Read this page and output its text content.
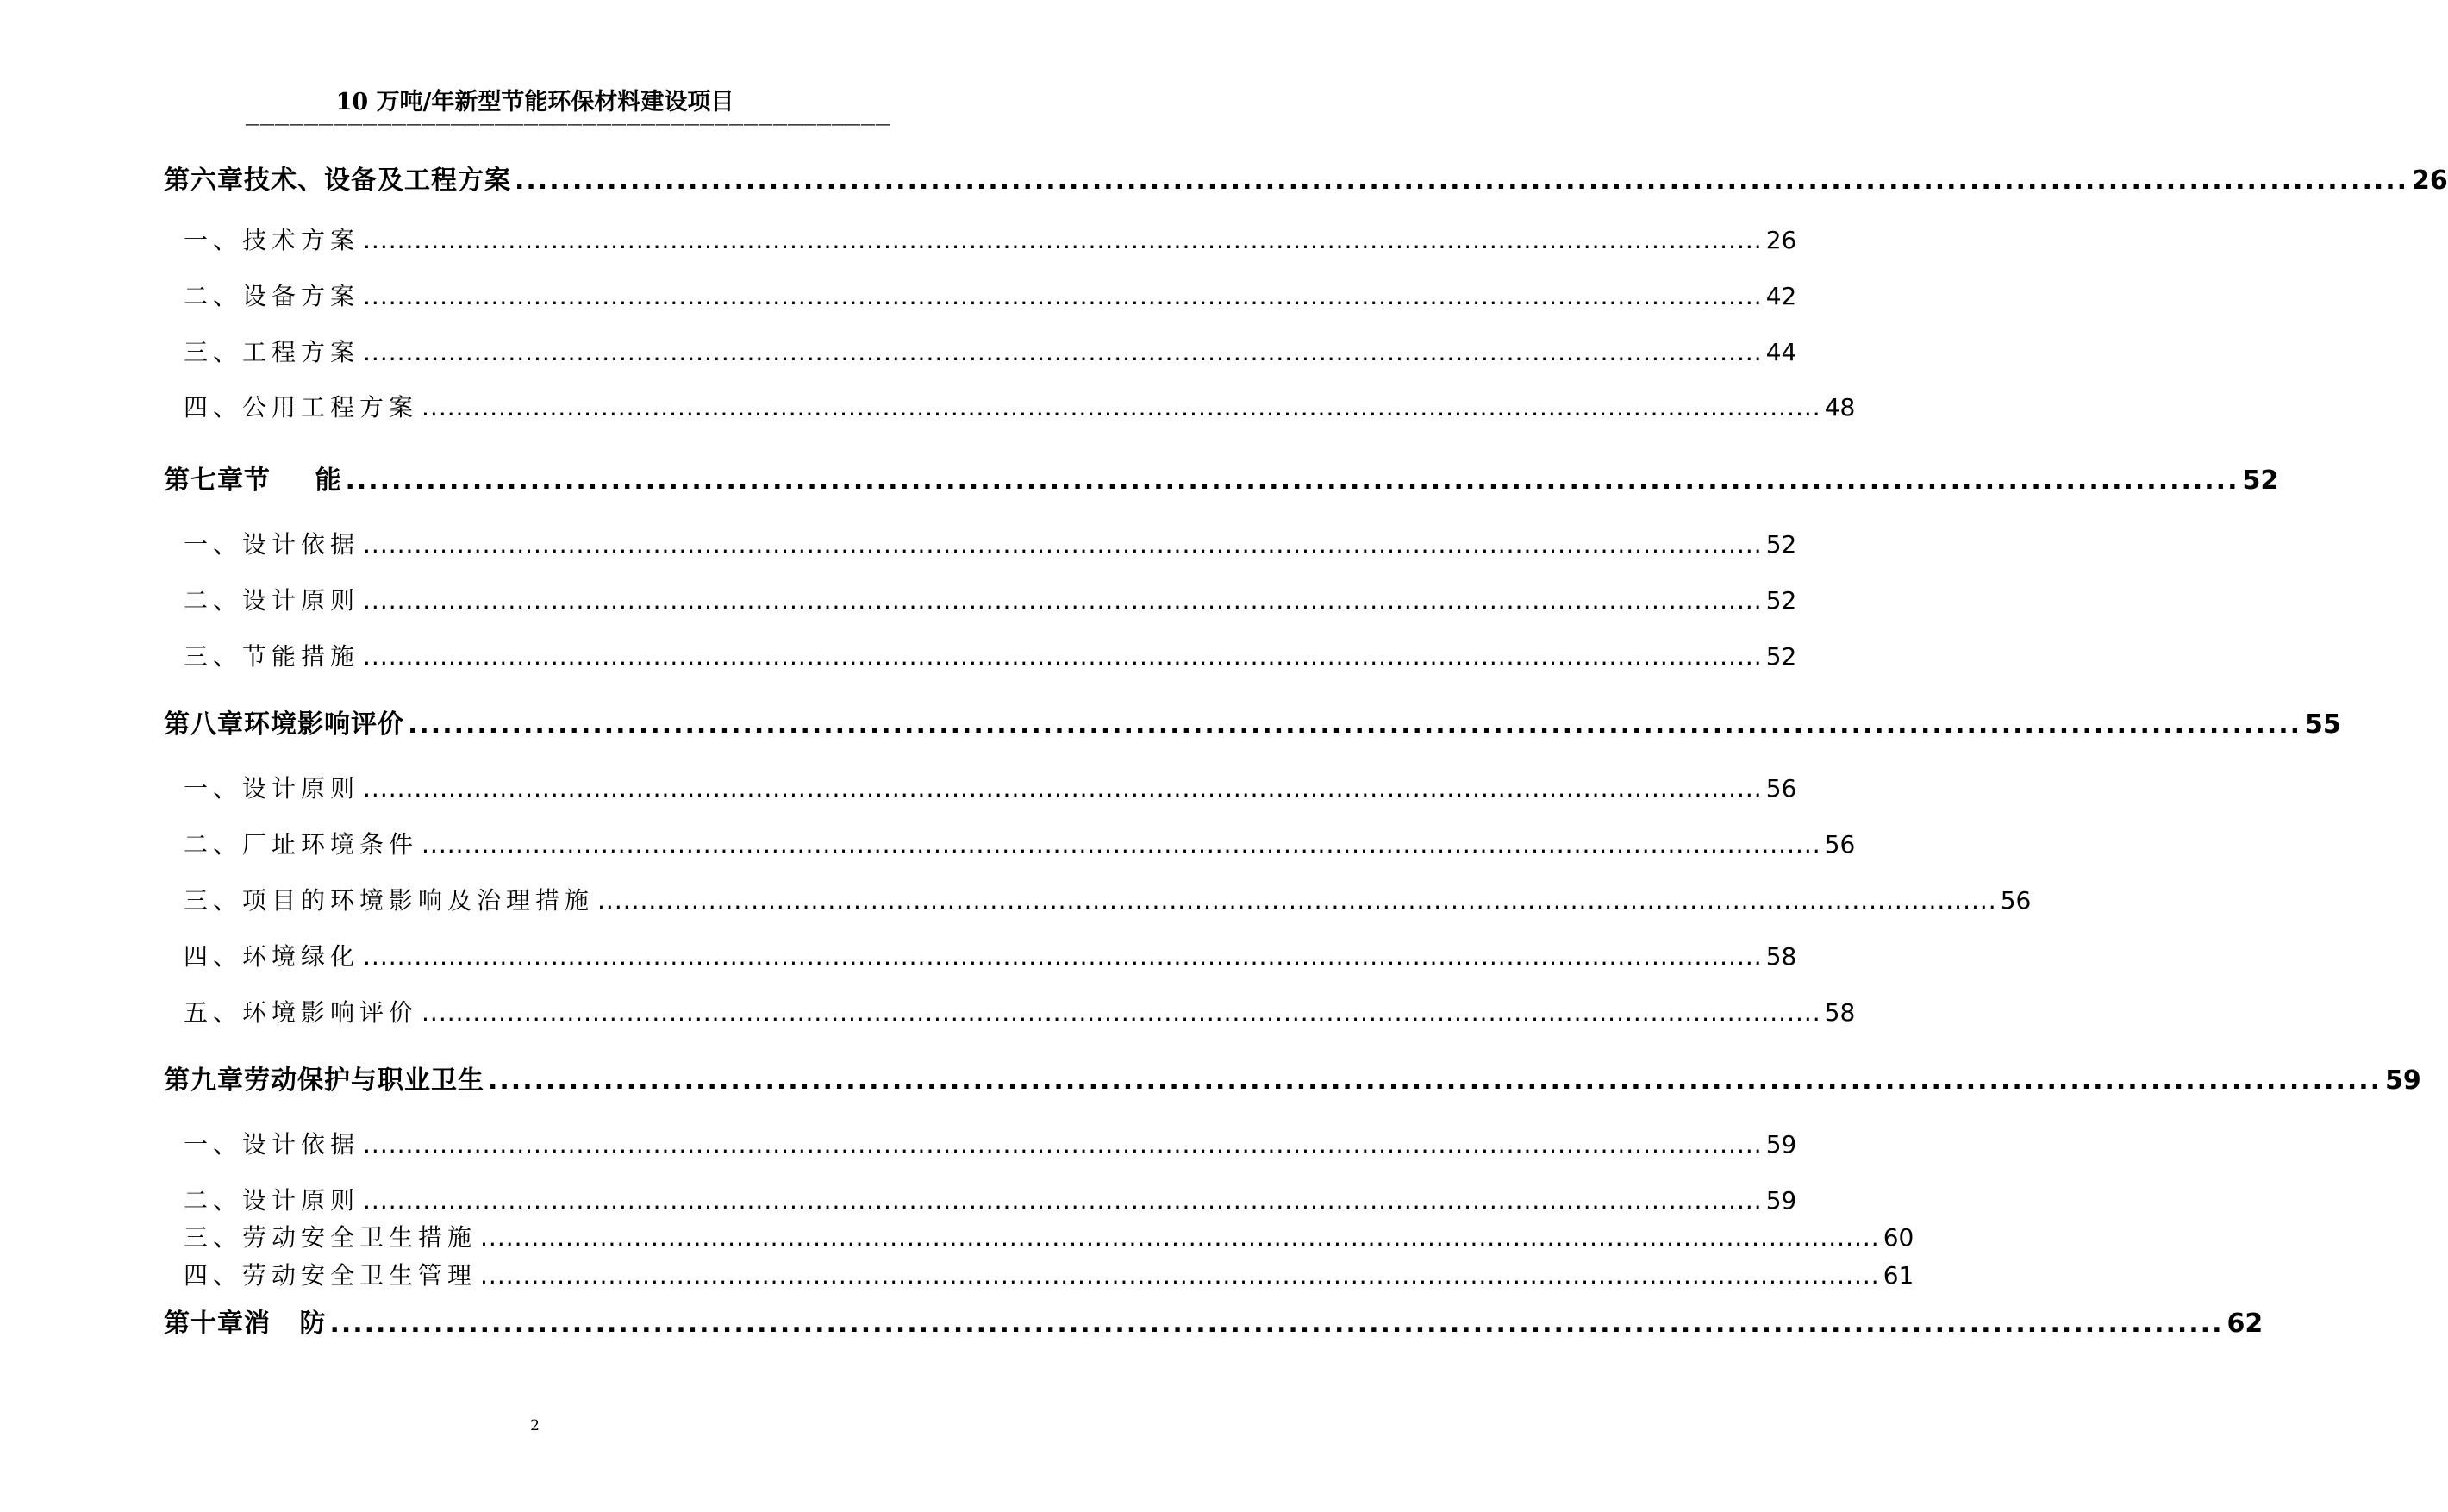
10 万吨/年新型节能环保材料建设项目
————————————————————————————————————————————
第六章 技术、设备及工程方案 .................................................................................................................................................................... 26
一、技术方案 .................................................................................................................................................................... 26
二、设备方案 .................................................................................................................................................................... 42
三、工程方案 .................................................................................................................................................................... 44
四、公用工程方案 .................................................................................................................................................................... 48
第七章 节 能 .................................................................................................................................................................... 52
一、设计依据 .................................................................................................................................................................... 52
二、设计原则 .................................................................................................................................................................... 52
三、节能措施 .................................................................................................................................................................... 52
第八章 环境影响评价 .................................................................................................................................................................... 55
一、设计原则 .................................................................................................................................................................... 56
二、厂址环境条件 .................................................................................................................................................................... 56
三、项目的环境影响及治理措施 .................................................................................................................................................................... 56
四、环境绿化 .................................................................................................................................................................... 58
五、环境影响评价 .................................................................................................................................................................... 58
第九章 劳动保护与职业卫生 .................................................................................................................................................................... 59
一、设计依据 .................................................................................................................................................................... 59
二、设计原则 .................................................................................................................................................................... 59
三、劳动安全卫生措施 .................................................................................................................................................................... 60
四、劳动安全卫生管理 .................................................................................................................................................................... 61
第十章 消 防 .................................................................................................................................................................... 62
2
